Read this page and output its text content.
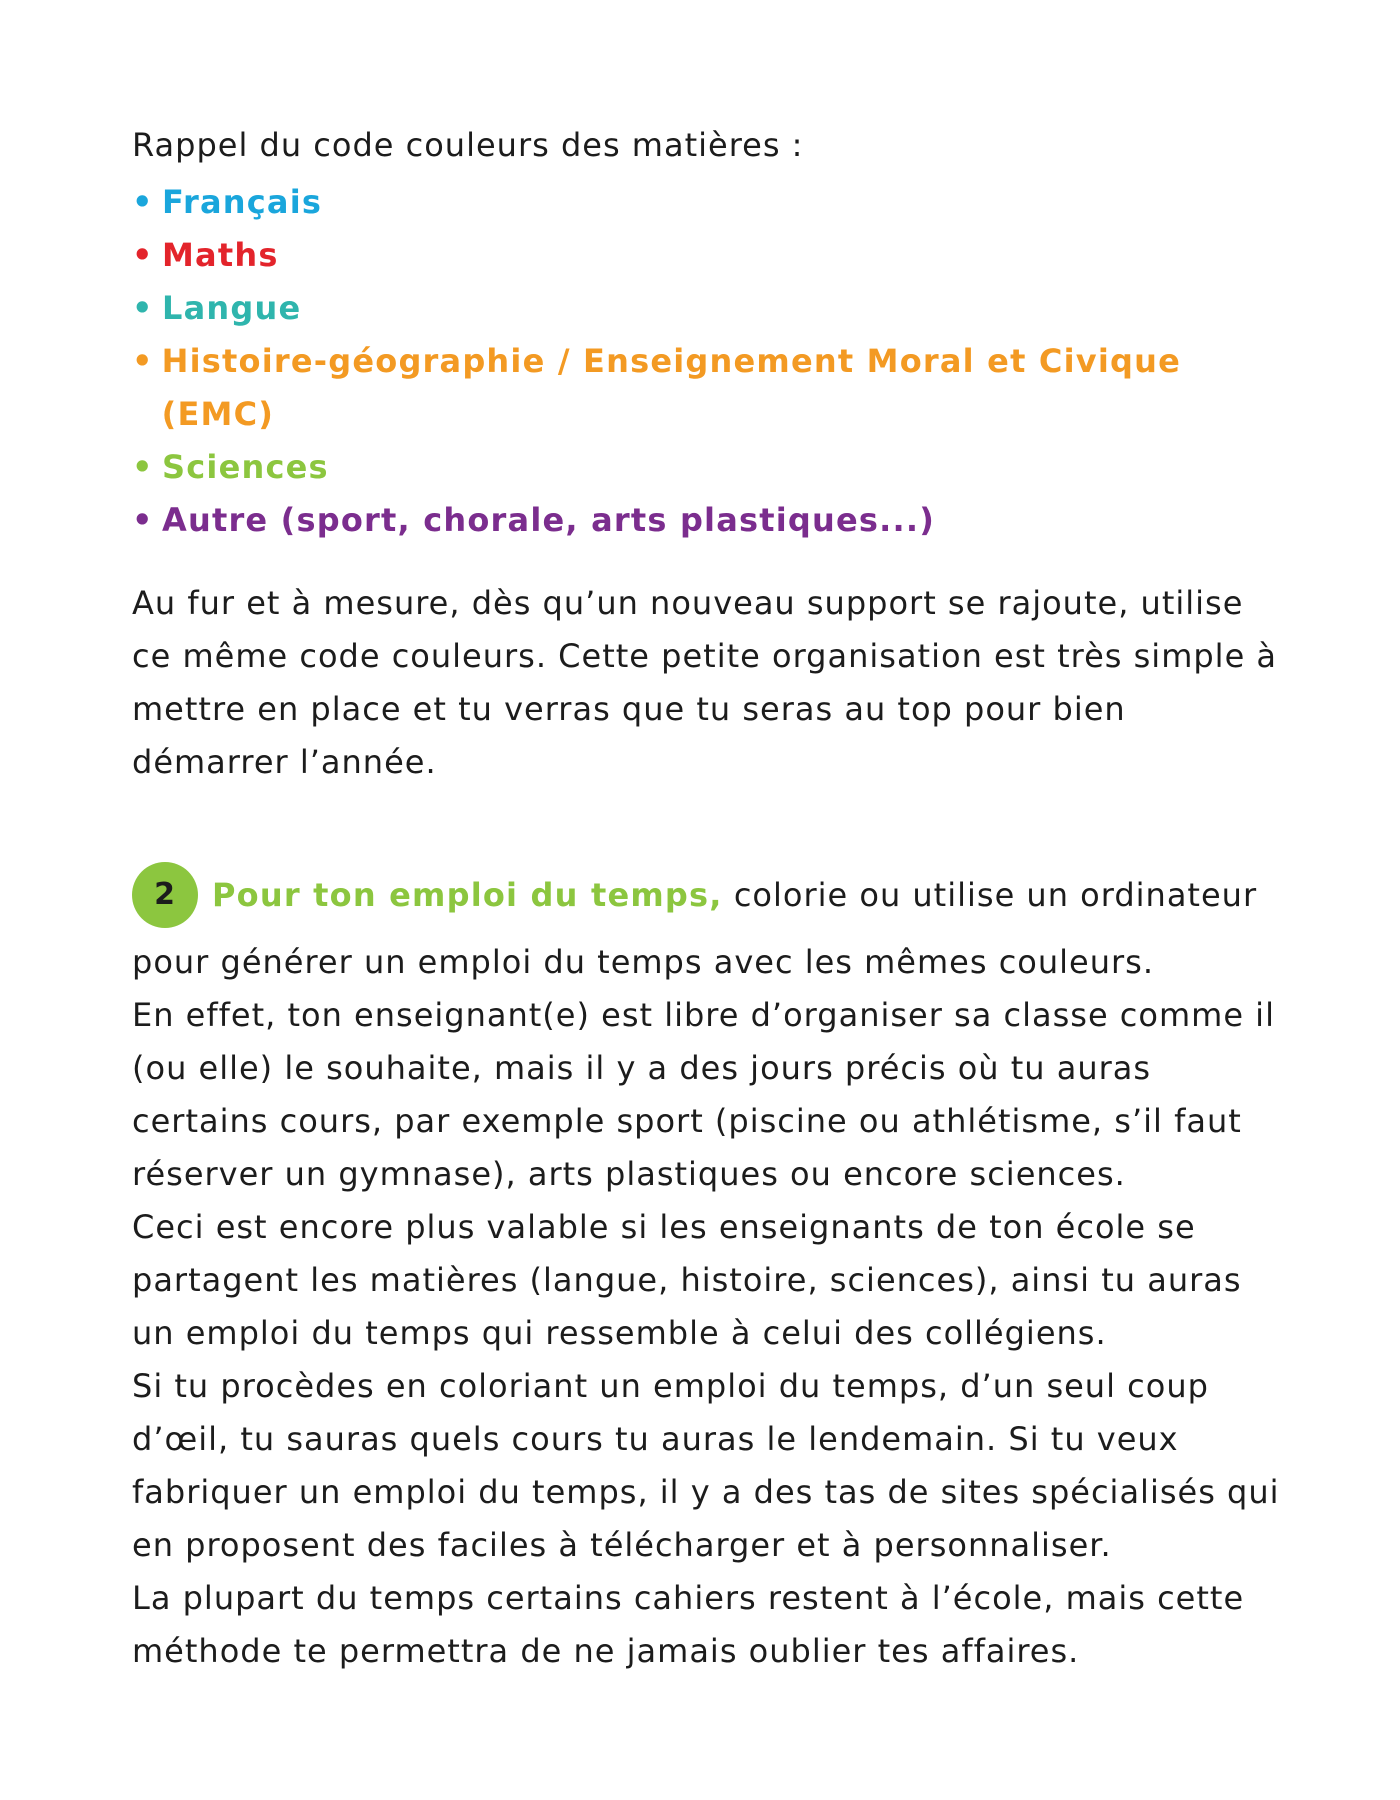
Rappel du code couleurs des matières :

• Français
• Maths
• Langue
• Histoire-géographie / Enseignement Moral et Civique (EMC)
• Sciences
• Autre (sport, chorale, arts plastiques...)

Au fur et à mesure, dès qu’un nouveau support se rajoute, utilise ce même code couleurs. Cette petite organisation est très simple à mettre en place et tu verras que tu seras au top pour bien démarrer l’année.

2 Pour ton emploi du temps, colorie ou utilise un ordinateur pour générer un emploi du temps avec les mêmes couleurs.
En effet, ton enseignant(e) est libre d’organiser sa classe comme il (ou elle) le souhaite, mais il y a des jours précis où tu auras certains cours, par exemple sport (piscine ou athlétisme, s’il faut réserver un gymnase), arts plastiques ou encore sciences.
Ceci est encore plus valable si les enseignants de ton école se partagent les matières (langue, histoire, sciences), ainsi tu auras un emploi du temps qui ressemble à celui des collégiens.
Si tu procèdes en coloriant un emploi du temps, d’un seul coup d’œil, tu sauras quels cours tu auras le lendemain. Si tu veux fabriquer un emploi du temps, il y a des tas de sites spécialisés qui en proposent des faciles à télécharger et à personnaliser.
La plupart du temps certains cahiers restent à l’école, mais cette méthode te permettra de ne jamais oublier tes affaires.
